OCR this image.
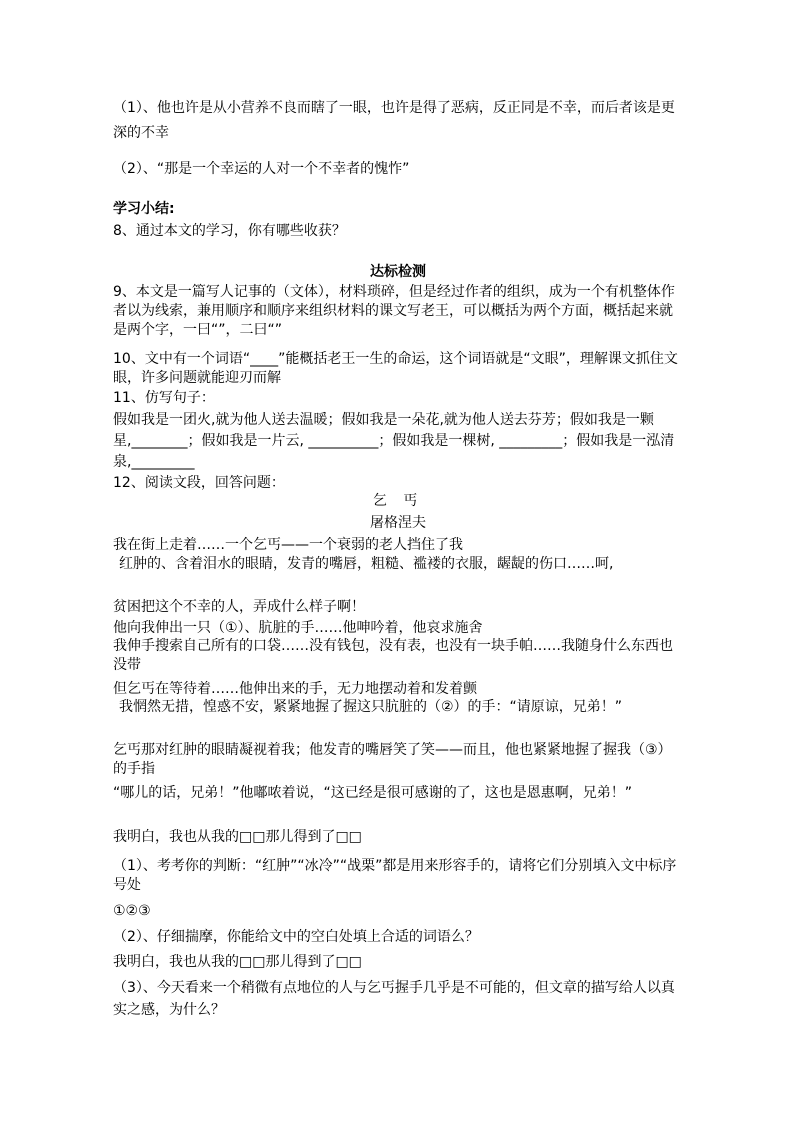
（1）、他也许是从小营养不良而瞎了一眼，也许是得了恶病，反正同是不幸，而后者该是更深的不幸
（2）、“那是一个幸运的人对一个不幸者的愧怍”
学习小结:
8、通过本文的学习，你有哪些收获？
达标检测
9、本文是一篇写人记事的（文体），材料琐碎，但是经过作者的组织，成为一个有机整体作者以为线索，兼用顺序和顺序来组织材料的课文写老王，可以概括为两个方面，概括起来就是两个字，一曰“”，二曰“”
10、文中有一个词语“____”能概括老王一生的命运，这个词语就是“文眼”，理解课文抓住文眼，许多问题就能迎刃而解
11、仿写句子：
假如我是一团火,就为他人送去温暖；假如我是一朵花,就为他人送去芬芳；假如我是一颗星,________；假如我是一片云, __________；假如我是一棵树, _________；假如我是一泓清泉,_________
12、阅读文段，回答问题：
乞 丐
屠格涅夫
我在街上走着……一个乞丐——一个衰弱的老人挡住了我
红肿的、含着泪水的眼睛，发青的嘴唇，粗糙、褴褛的衣服，龌龊的伤口……呵,
贫困把这个不幸的人，弄成什么样子啊！
他向我伸出一只（①）、肮脏的手……他呻吟着，他哀求施舍
我伸手搜索自己所有的口袋……没有钱包，没有表，也没有一块手帕……我随身什么东西也没带
但乞丐在等待着……他伸出来的手，无力地摆动着和发着颤
我惘然无措，惶惑不安，紧紧地握了握这只肮脏的（②）的手：“请原谅，兄弟！”
乞丐那对红肿的眼睛凝视着我；他发青的嘴唇笑了笑——而且，他也紧紧地握了握我（③）的手指
“哪儿的话，兄弟！”他嘟哝着说，“这已经是很可感谢的了，这也是恩惠啊，兄弟！”
我明白，我也从我的□□那儿得到了□□
（1）、考考你的判断：“红肿”“冰冷”“战栗”都是用来形容手的，请将它们分别填入文中标序号处
①②③
（2）、仔细揣摩，你能给文中的空白处填上合适的词语么？
我明白，我也从我的□□那儿得到了□□
（3）、今天看来一个稍微有点地位的人与乞丐握手几乎是不可能的，但文章的描写给人以真实之感，为什么？
